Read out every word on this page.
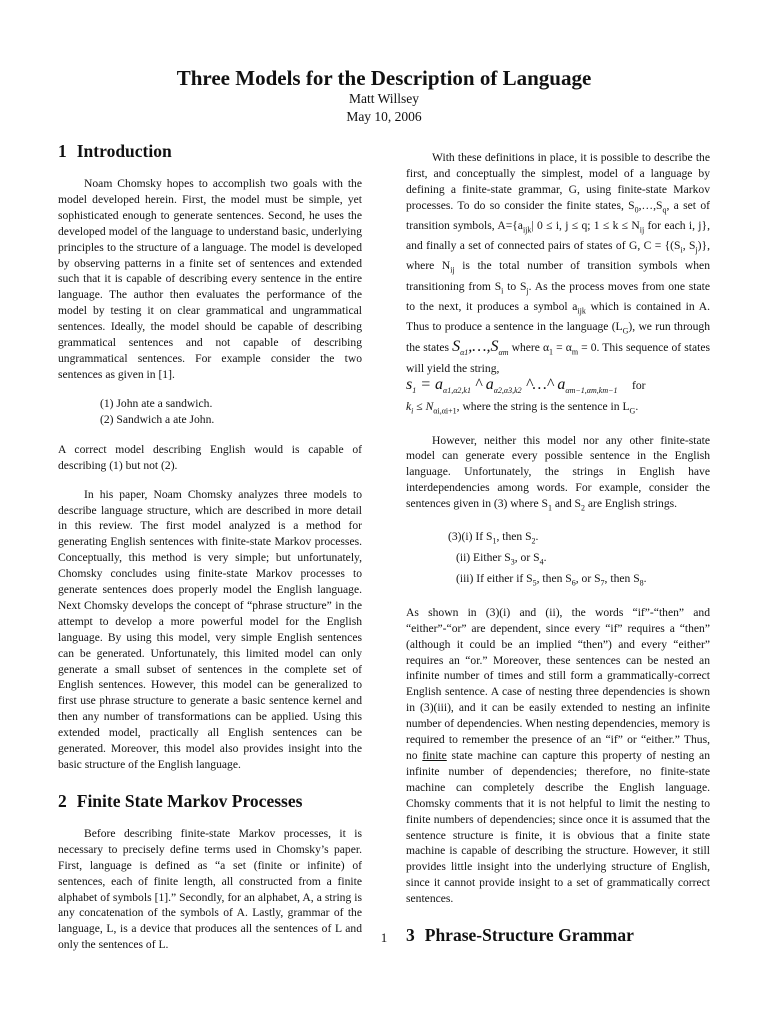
Three Models for the Description of Language
Matt Willsey
May 10, 2006
1 Introduction

Noam Chomsky hopes to accomplish two goals with the model developed herein. First, the model must be simple, yet sophisticated enough to generate sentences. Second, he uses the developed model of the language to understand basic, underlying principles to the structure of a language. The model is developed by observing patterns in a finite set of sentences and extended such that it is capable of describing every sentence in the entire language. The author then evaluates the performance of the model by testing it on clear grammatical and ungrammatical sentences. Ideally, the model should be capable of describing grammatical sentences and not capable of describing ungrammatical sentences. For example consider the two sentences as given in [1].

(1) John ate a sandwich.
(2) Sandwich a ate John.

A correct model describing English would is capable of describing (1) but not (2).

In his paper, Noam Chomsky analyzes three models to describe language structure, which are described in more detail in this review. The first model analyzed is a method for generating English sentences with finite-state Markov processes. Conceptually, this method is very simple; but unfortunately, Chomsky concludes using finite-state Markov processes to generate sentences does properly model the English language. Next Chomsky develops the concept of “phrase structure” in the attempt to develop a more powerful model for the English language. By using this model, very simple English sentences can be generated. Unfortunately, this limited model can only generate a small subset of sentences in the complete set of English sentences. However, this model can be generalized to first use phrase structure to generate a basic sentence kernel and then any number of transformations can be applied. Using this extended model, practically all English sentences can be generated. Moreover, this model also provides insight into the basic structure of the English language.

2 Finite State Markov Processes

Before describing finite-state Markov processes, it is necessary to precisely define terms used in Chomsky’s paper. First, language is defined as “a set (finite or infinite) of sentences, each of finite length, all constructed from a finite alphabet of symbols [1].” Secondly, for an alphabet, A, a string is any concatenation of the symbols of A. Lastly, grammar of the language, L, is a device that produces all the sentences of L and only the sentences of L.

With these definitions in place, it is possible to describe the first, and conceptually the simplest, model of a language by defining a finite-state grammar, G, using finite-state Markov processes. To do so consider the finite states, $S_0,\dots,S_q$, a set of transition symbols, $A=\{a_{ijk}|$ 0 ≤ i, j ≤ q; $1 \le k \le N_{ij}$ for each i, j}, and finally a set of connected pairs of states of G, $C = \{(S_i$, $S_j$)}, where $N_{ij}$ is the total number of transition symbols when transitioning from $S_i$ to $S_j$. As the process moves from one state to the next, it produces a symbol $a_{ijk}$ which is contained in A. Thus to produce a sentence in the language $(L_G)$, we run through the states $S_{\alpha 1},\dots,S_{\alpha m}$ where $\alpha_1 = \alpha_m = 0$. This sequence of states will yield the string,
$s_1 = a_{\alpha 1,\alpha 2,k1}$ ^ $a_{\alpha 2,\alpha 3,k2}$ ^…^ $a_{\alpha m-1,\alpha m,km-1}$ for
$k_i \le N_{\alpha i,\alpha i+1}$, where the string is the sentence in $L_G$.

However, neither this model nor any other finite-state model can generate every possible sentence in the English language. Unfortunately, the strings in English have interdependencies among words. For example, consider the sentences given in (3) where $S_1$ and $S_2$ are English strings.

(3)(i) If $S_1$, then $S_2$.
(ii) Either $S_3$, or $S_4$.
(iii) If either if $S_5$, then $S_6$, or $S_7$, then $S_8$.

As shown in (3)(i) and (ii), the words “if”-“then” and “either”-“or” are dependent, since every “if” requires a “then” (although it could be an implied “then”) and every “either” requires an “or.” Moreover, these sentences can be nested an infinite number of times and still form a grammatically-correct English sentence. A case of nesting three dependencies is shown in (3)(iii), and it can be easily extended to nesting an infinite number of dependencies. When nesting dependencies, memory is required to remember the presence of an “if” or “either.” Thus, no finite state machine can capture this property of nesting an infinite number of dependencies; therefore, no finite-state machine can completely describe the English language. Chomsky comments that it is not helpful to limit the nesting to finite numbers of dependencies; since once it is assumed that the sentence structure is finite, it is obvious that a finite state machine is capable of describing the structure. However, it still provides little insight into the underlying structure of English, since it cannot provide insight to a set of grammatically correct sentences.

3 Phrase-Structure Grammar
1
